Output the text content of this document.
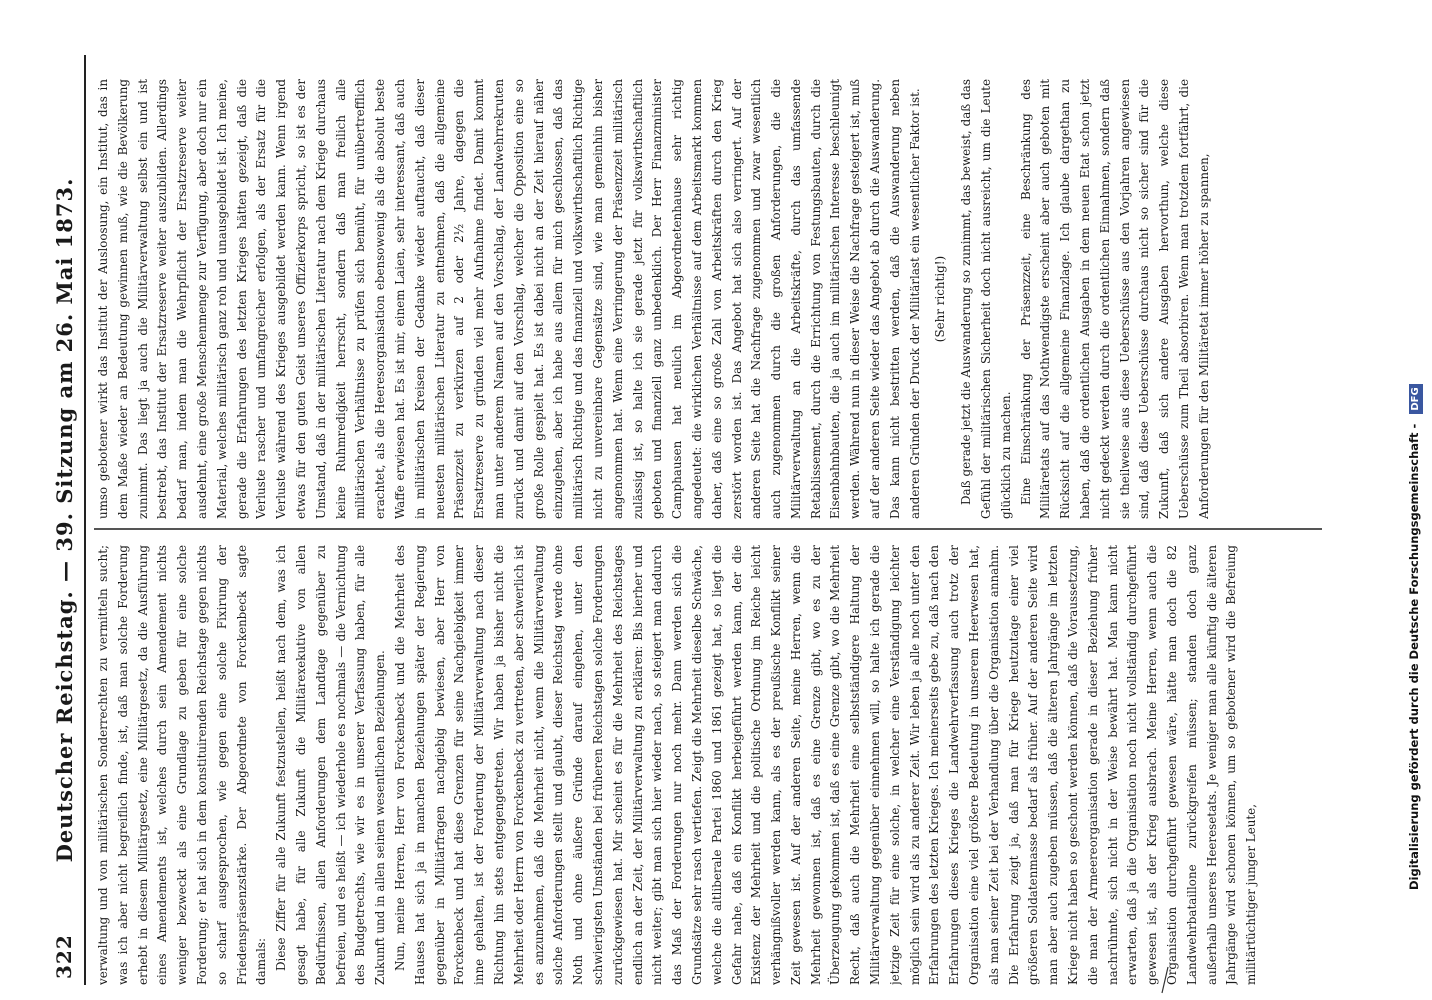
322
Deutscher Reichstag. — 39. Sitzung am 26. Mai 1873. verwaltung und von militärischen Sonderrechten zu vermitteln sucht; was ich aber nicht begreiflich finde, ist, daß man solche Forderung erhebt in diesem Militärgesetz, eine Militärgesetz, da die Ausführung eines Amendements ist, welches durch sein Amendement nichts weniger bezweckt als eine Grundlage zu geben für eine solche Forderung; er hat sich in dem konstituirenden Reichstage gegen nichts so scharf ausgesprochen, wie gegen eine solche Fixirung der Friedenspräsenzstärke. Der Abgeordnete von Forckenbeck sagte damals: Diese Ziffer für alle Zukunft festzustellen, heißt nach dem, was ich gesagt habe, für alle Zukunft die Militärexekutive von allen Bedürfnissen, allen Anforderungen dem Landtage gegenüber zu befreien, und es heißt — ich wiederhole es nochmals — die Vernichtung des Budgetrechts, wie wir es in unserer Verfassung haben, für alle Zukunft und in allen seinen wesentlichen Beziehungen. Nun, meine Herren, Herr von Forckenbeck und die Mehrheit des Hauses hat sich ja in manchen Beziehungen später der Regierung gegenüber in Militärfragen nachgiebig bewiesen, aber Herr von Forckenbeck und hat diese Grenzen für seine Nachgiebigkeit immer inne gehalten, ist der Forderung der Militärverwaltung nach dieser Richtung hin stets entgegengetreten. Wir haben ja bisher nicht die Mehrheit oder Herrn von Forckenbeck zu vertreten, aber schwerlich ist es anzunehmen, daß die Mehrheit nicht, wenn die Militärverwaltung solche Anforderungen stellt und glaubt, dieser Reichstag werde ohne Noth und ohne äußere Gründe darauf eingehen, unter den schwierigsten Umständen bei früheren Reichstagen solche Forderungen zurückgewiesen hat. Mir scheint es für die Mehrheit des Reichstages endlich an der Zeit, der Militärverwaltung zu erklären: Bis hierher und nicht weiter; gibt man sich hier wieder nach, so steigert man dadurch das Maß der Forderungen nur noch mehr. Dann werden sich die Grundsätze sehr rasch vertiefen. Zeigt die Mehrheit dieselbe Schwäche, welche die altliberale Partei 1860 und 1861 gezeigt hat, so liegt die Gefahr nahe, daß ein Konflikt herbeigeführt werden kann, der die Existenz der Mehrheit und die politische Ordnung im Reiche leicht verhängnißvoller werden kann, als es der preußische Konflikt seiner Zeit gewesen ist. Auf der anderen Seite, meine Herren, wenn die Mehrheit gewonnen ist, daß es eine Grenze gibt, wo es zu der Überzeugung gekommen ist, daß es eine Grenze gibt, wo die Mehrheit Recht, daß auch die Mehrheit eine selbstständigere Haltung der Militärverwaltung gegenüber einnehmen will, so halte ich gerade die jetzige Zeit für eine solche, in welcher eine Verständigung leichter möglich sein wird als zu anderer Zeit. Wir leben ja alle noch unter den Erfahrungen des letzten Krieges. Ich meinerseits gebe zu, daß nach den Erfahrungen dieses Krieges die Landwehrverfassung auch trotz der Organisation eine viel größere Bedeutung in unserem Heerwesen hat, als man seiner Zeit bei der Verhandlung über die Organisation annahm. Die Erfahrung zeigt ja, daß man für Kriege heutzutage einer viel größeren Soldatenmasse bedarf als früher. Auf der anderen Seite wird man aber auch zugeben müssen, daß die älteren Jahrgänge im letzten Kriege nicht haben so geschont werden können, daß die Voraussetzung, die man der Armeereorganisation gerade in dieser Beziehung früher nachrühmte, sich nicht in der Weise bewährt hat. Man kann nicht erwarten, daß ja die Organisation noch nicht vollständig durchgeführt gewesen ist, als der Krieg ausbrach. Meine Herren, wenn auch die Organisation durchgeführt gewesen wäre, hätte man doch die 82 Landwehrbataillone zurückgreifen müssen; standen doch ganz außerhalb unseres Heeresetats. Je weniger man alle künftig die älteren Jahrgänge wird schonen können, um so gebotener wird die Befreiung militärtüchtiger junger Leute,

umso gebotener wirkt das Institut der Ausloosung, ein Institut, das in dem Maße wieder an Bedeutung gewinnen muß, wie die Bevölkerung zunimmt. Das liegt ja auch die Militärverwaltung selbst ein und ist bestrebt, das Institut der Ersatzreserve weiter auszubilden. Allerdings bedarf man, indem man die Wehrpflicht der Ersatzreserve weiter ausdehnt, eine große Menschenmenge zur Verfügung, aber doch nur ein Material, welches militärisch ganz roh und unausgebildet ist. Ich meine, gerade die Erfahrungen des letzten Krieges hätten gezeigt, daß die Verluste rascher und umfangreicher erfolgen, als der Ersatz für die Verluste während des Krieges ausgebildet werden kann. Wenn irgend etwas für den guten Geist unseres Offizierkorps spricht, so ist es der Umstand, daß in der militärischen Literatur nach dem Kriege durchaus keine Ruhmredigkeit herrscht, sondern daß man freilich alle militärischen Verhältnisse zu prüfen sich bemüht, für unübertrefflich erachtet, als die Heeresorganisation ebensowenig als die absolut beste Waffe erwiesen hat. Es ist mir, einem Laien, sehr interessant, daß auch in militärischen Kreisen der Gedanke wieder auftaucht, daß dieser neuesten militärischen Literatur zu entnehmen, daß die allgemeine Präsenzzeit zu verkürzen auf 2 oder 2½ Jahre, dagegen die Ersatzreserve zu gründen viel mehr Aufnahme findet. Damit kommt man unter anderem Namen auf den Vorschlag, der Landwehrrekruten zurück und damit auf den Vorschlag, welcher die Opposition eine so große Rolle gespielt hat. Es ist dabei nicht an der Zeit hierauf näher einzugehen, aber ich habe aus allem für mich geschlossen, daß das militärisch Richtige und das finanziell und volkswirthschaftlich Richtige nicht zu unvereinbare Gegensätze sind, wie man gemeinhin bisher angenommen hat. Wenn eine Verringerung der Präsenzzeit militärisch zulässig ist, so halte ich sie gerade jetzt für volkswirthschaftlich geboten und finanziell ganz unbedenklich. Der Herr Finanzminister Camphausen hat neulich im Abgeordnetenhause sehr richtig angedeutet: die wirklichen Verhältnisse auf dem Arbeitsmarkt kommen daher, daß eine so große Zahl von Arbeitskräften durch den Krieg zerstört worden ist. Das Angebot hat sich also verringert. Auf der anderen Seite hat die Nachfrage zugenommen und zwar wesentlich auch zugenommen durch die großen Anforderungen, die die Militärverwaltung an die Arbeitskräfte, durch das umfassende Retablissement, durch die Errichtung von Festungsbauten, durch die Eisenbahnbauten, die ja auch im militärischen Interesse beschleunigt werden. Während nun in dieser Weise die Nachfrage gesteigert ist, muß auf der anderen Seite wieder das Angebot ab durch die Auswanderung. Das kann nicht bestritten werden, daß die Auswanderung neben anderen Gründen der Druck der Militärlast ein wesentlicher Faktor ist. (Sehr richtig!) Daß gerade jetzt die Auswanderung so zunimmt, das beweist, daß das Gefühl der militärischen Sicherheit doch nicht ausreicht, um die Leute glücklich zu machen. Eine Einschränkung der Präsenzzeit, eine Beschränkung des Militäretats auf das Nothwendigste erscheint aber auch geboten mit Rücksicht auf die allgemeine Finanzlage. Ich glaube dargethan zu haben, daß die ordentlichen Ausgaben in dem neuen Etat schon jetzt nicht gedeckt werden durch die ordentlichen Einnahmen, sondern daß sie theilweise aus diese Ueberschüsse aus den Vorjahren angewiesen sind, daß diese Ueberschüsse durchaus nicht so sicher sind für die Zukunft, daß sich andere Ausgaben hervorthun, welche diese Ueberschüsse zum Theil absorbiren. Wenn man trotzdem fortfährt, die Anforderungen für den Militäretat immer höher zu spannen,

Digitalisierung gefördert durch die Deutsche Forschungsgemeinschaft - DFG
